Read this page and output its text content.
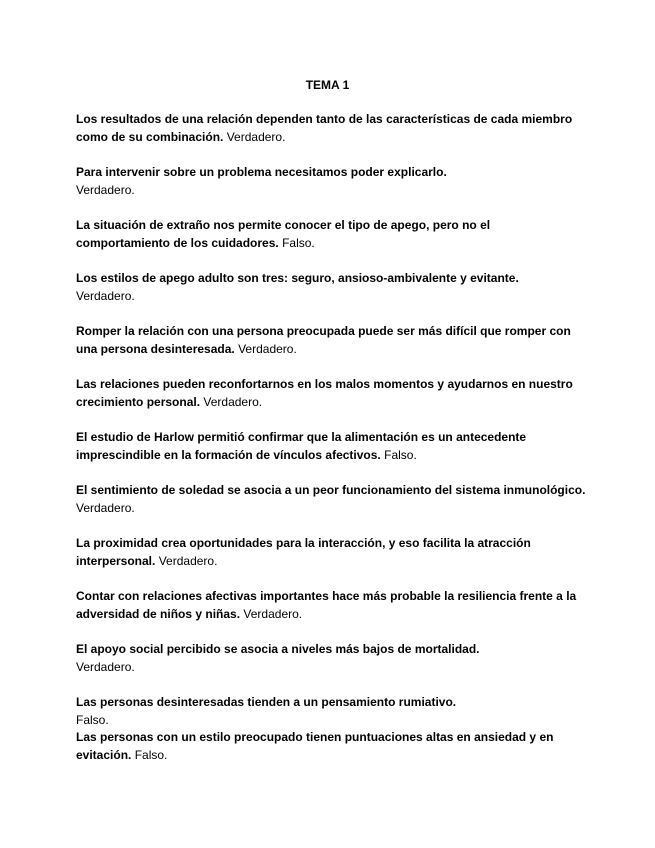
TEMA 1
Los resultados de una relación dependen tanto de las características de cada miembro como de su combinación. Verdadero.
Para intervenir sobre un problema necesitamos poder explicarlo.
Verdadero.
La situación de extraño nos permite conocer el tipo de apego, pero no el comportamiento de los cuidadores. Falso.
Los estilos de apego adulto son tres: seguro, ansioso-ambivalente y evitante.
Verdadero.
Romper la relación con una persona preocupada puede ser más difícil que romper con una persona desinteresada. Verdadero.
Las relaciones pueden reconfortarnos en los malos momentos y ayudarnos en nuestro crecimiento personal. Verdadero.
El estudio de Harlow permitió confirmar que la alimentación es un antecedente imprescindible en la formación de vínculos afectivos. Falso.
El sentimiento de soledad se asocia a un peor funcionamiento del sistema inmunológico.
Verdadero.
La proximidad crea oportunidades para la interacción, y eso facilita la atracción interpersonal. Verdadero.
Contar con relaciones afectivas importantes hace más probable la resiliencia frente a la adversidad de niños y niñas. Verdadero.
El apoyo social percibido se asocia a niveles más bajos de mortalidad.
Verdadero.
Las personas desinteresadas tienden a un pensamiento rumiativo.
Falso.
Las personas con un estilo preocupado tienen puntuaciones altas en ansiedad y en evitación. Falso.
